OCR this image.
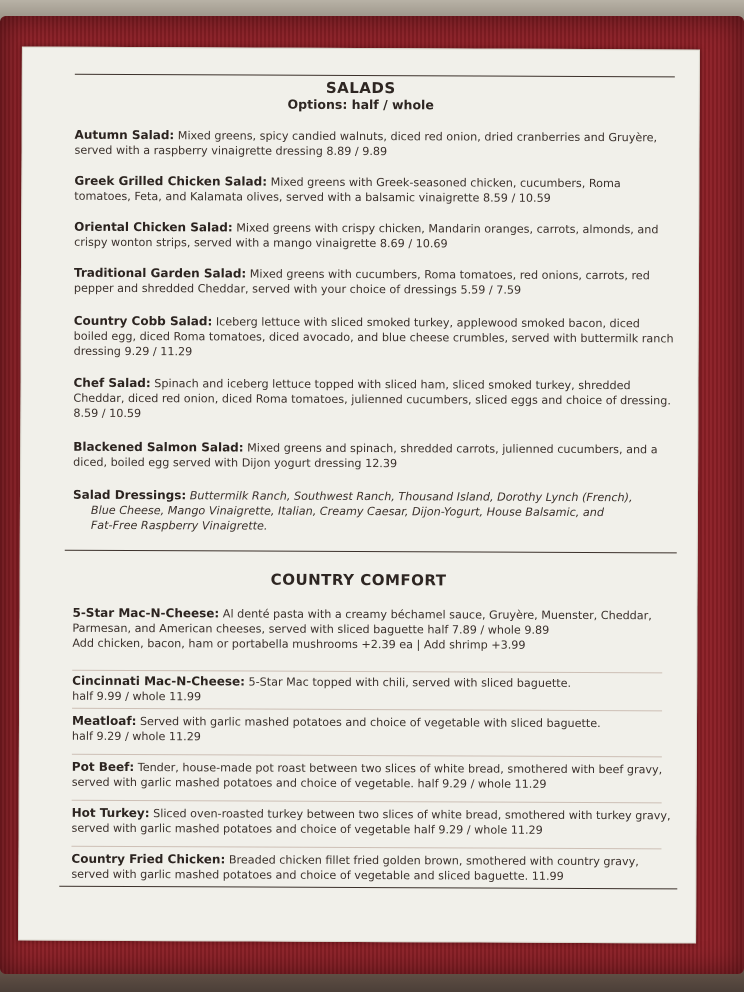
SALADS
Options: half / whole
Autumn Salad: Mixed greens, spicy candied walnuts, diced red onion, dried cranberries and Gruyère, served with a raspberry vinaigrette dressing 8.89 / 9.89
Greek Grilled Chicken Salad: Mixed greens with Greek-seasoned chicken, cucumbers, Roma tomatoes, Feta, and Kalamata olives, served with a balsamic vinaigrette 8.59 / 10.59
Oriental Chicken Salad: Mixed greens with crispy chicken, Mandarin oranges, carrots, almonds, and crispy wonton strips, served with a mango vinaigrette 8.69 / 10.69
Traditional Garden Salad: Mixed greens with cucumbers, Roma tomatoes, red onions, carrots, red pepper and shredded Cheddar, served with your choice of dressings 5.59 / 7.59
Country Cobb Salad: Iceberg lettuce with sliced smoked turkey, applewood smoked bacon, diced boiled egg, diced Roma tomatoes, diced avocado, and blue cheese crumbles, served with buttermilk ranch dressing 9.29 / 11.29
Chef Salad: Spinach and iceberg lettuce topped with sliced ham, sliced smoked turkey, shredded Cheddar, diced red onion, diced Roma tomatoes, julienned cucumbers, sliced eggs and choice of dressing. 8.59 / 10.59
Blackened Salmon Salad: Mixed greens and spinach, shredded carrots, julienned cucumbers, and a diced, boiled egg served with Dijon yogurt dressing 12.39
Salad Dressings: Buttermilk Ranch, Southwest Ranch, Thousand Island, Dorothy Lynch (French),
Blue Cheese, Mango Vinaigrette, Italian, Creamy Caesar, Dijon-Yogurt, House Balsamic, and
Fat-Free Raspberry Vinaigrette.
COUNTRY COMFORT
5-Star Mac-N-Cheese: Al denté pasta with a creamy béchamel sauce, Gruyère, Muenster, Cheddar, Parmesan, and American cheeses, served with sliced baguette half 7.89 / whole 9.89
Add chicken, bacon, ham or portabella mushrooms +2.39 ea | Add shrimp +3.99
Cincinnati Mac-N-Cheese: 5-Star Mac topped with chili, served with sliced baguette.
half 9.99 / whole 11.99
Meatloaf: Served with garlic mashed potatoes and choice of vegetable with sliced baguette.
half 9.29 / whole 11.29
Pot Beef: Tender, house-made pot roast between two slices of white bread, smothered with beef gravy, served with garlic mashed potatoes and choice of vegetable. half 9.29 / whole 11.29
Hot Turkey: Sliced oven-roasted turkey between two slices of white bread, smothered with turkey gravy, served with garlic mashed potatoes and choice of vegetable half 9.29 / whole 11.29
Country Fried Chicken: Breaded chicken fillet fried golden brown, smothered with country gravy, served with garlic mashed potatoes and choice of vegetable and sliced baguette. 11.99
